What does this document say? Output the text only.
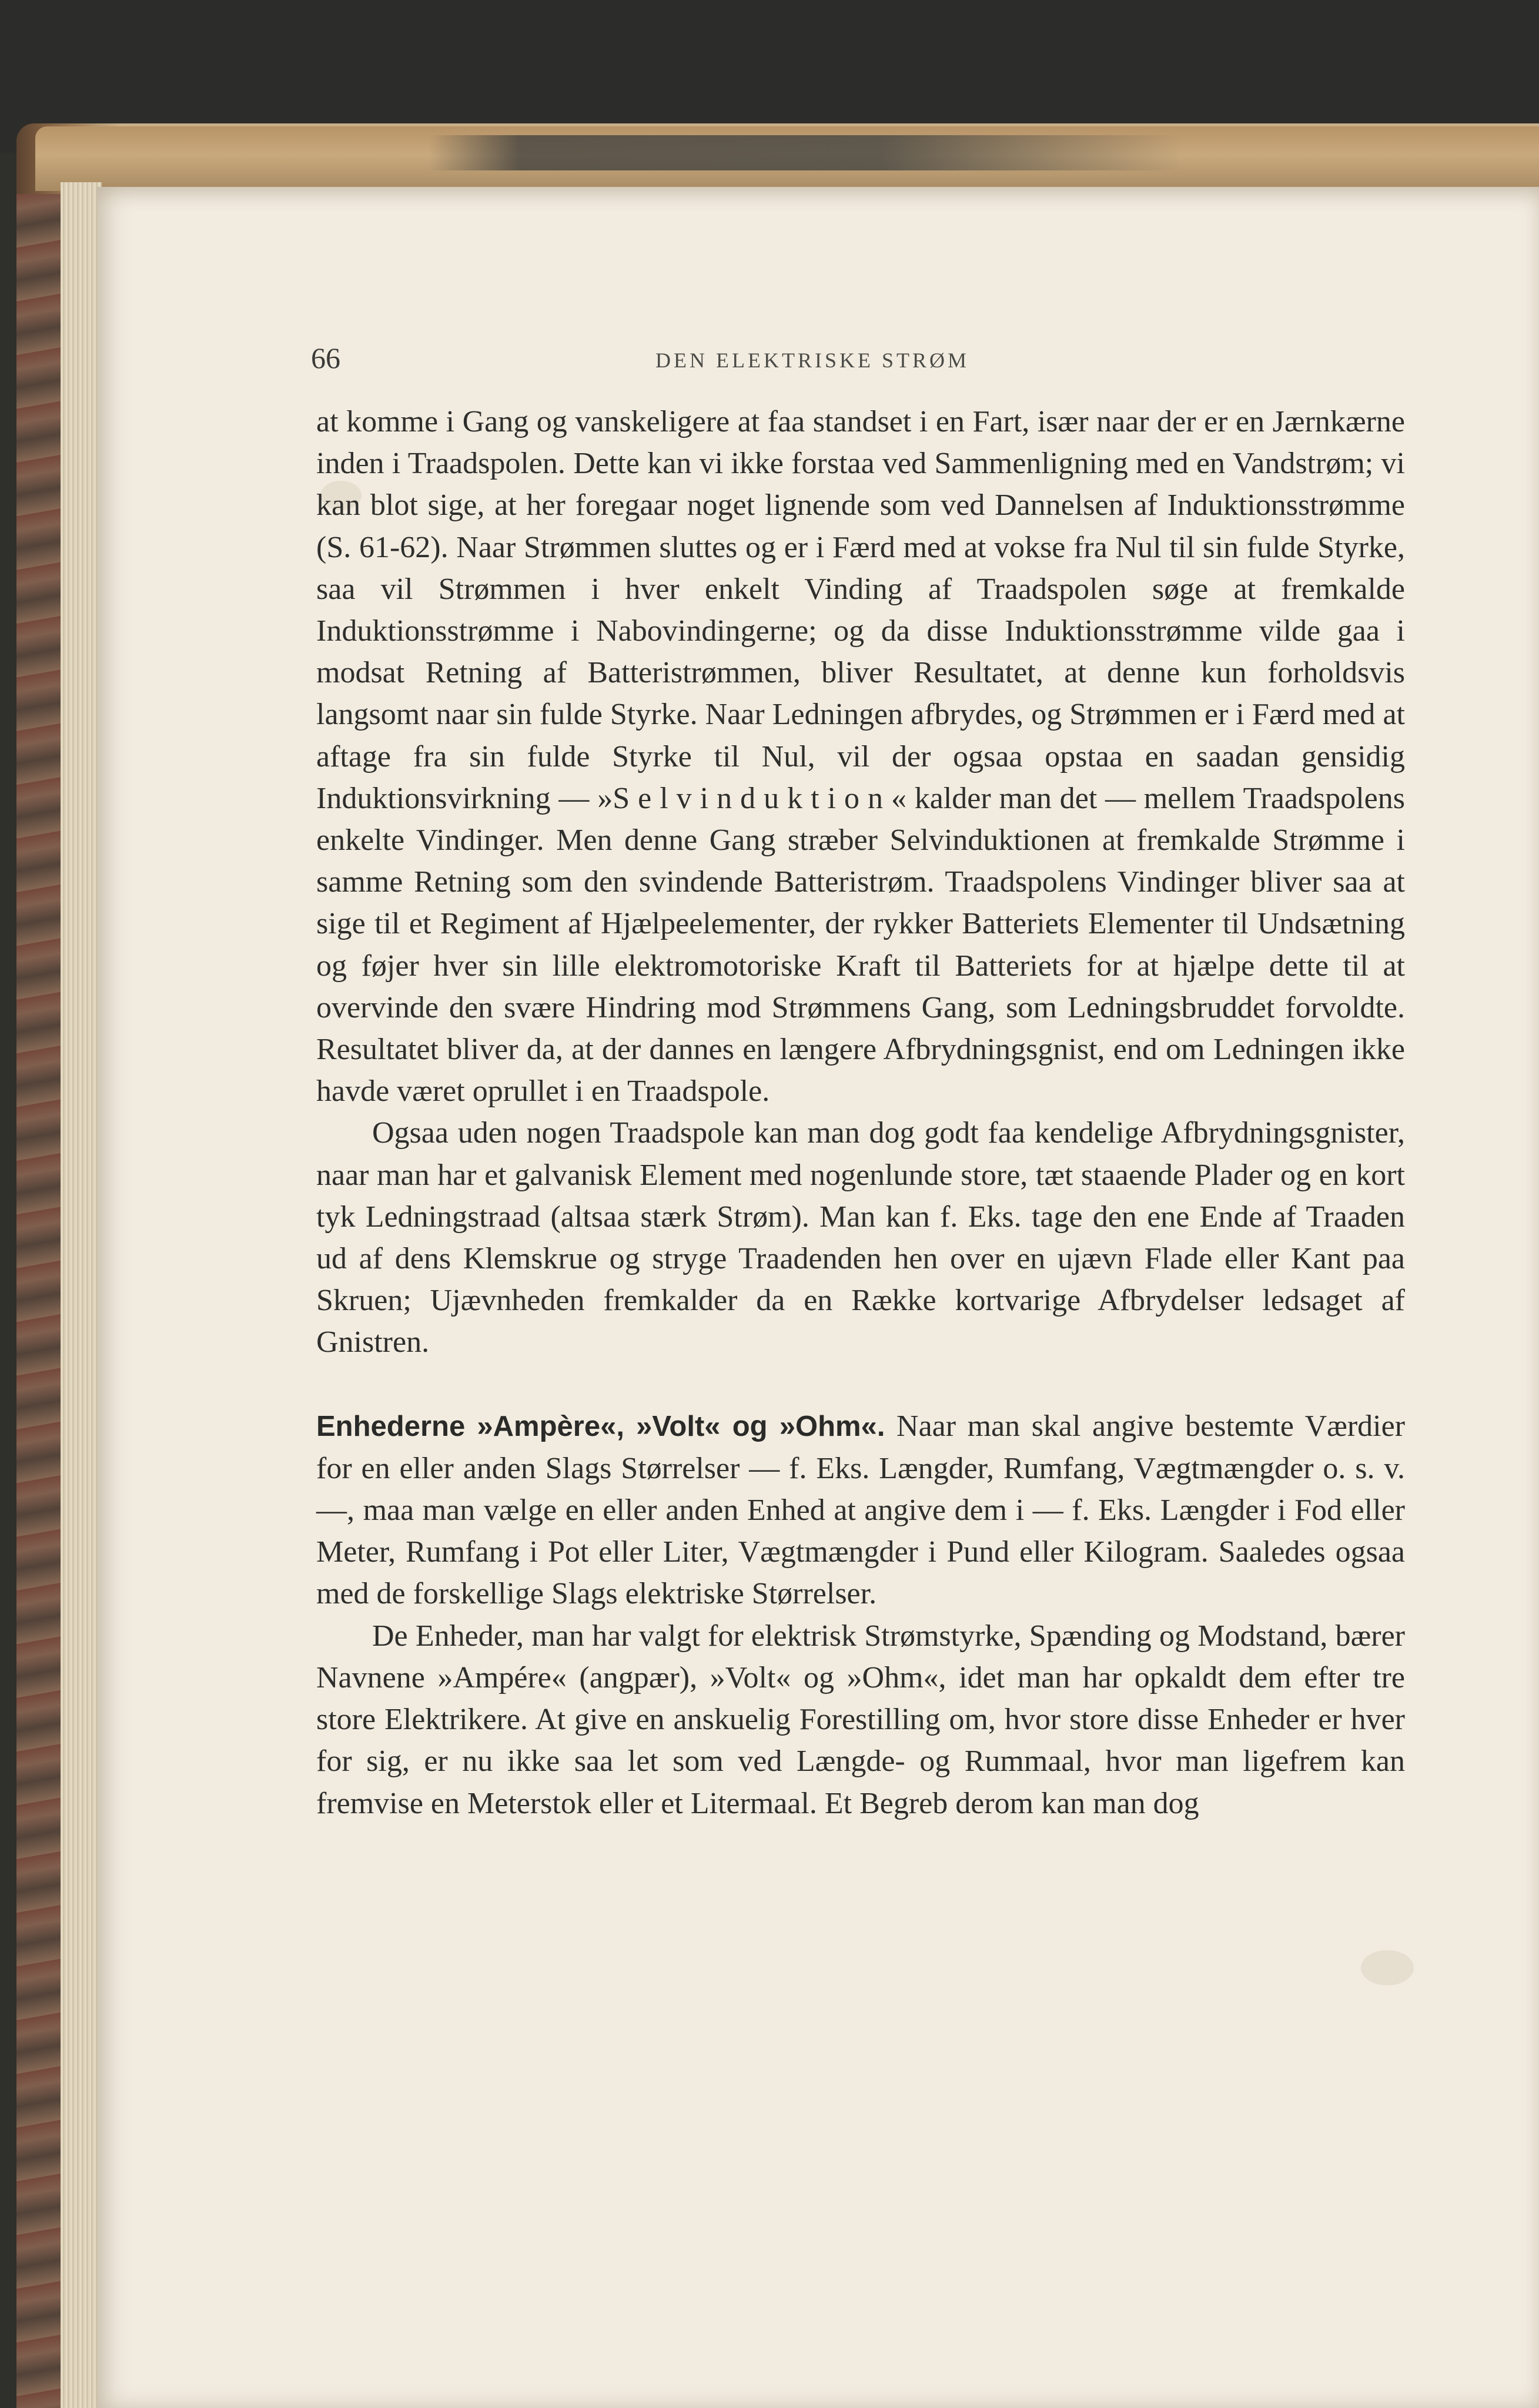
66	DEN ELEKTRISKE STRØM

at komme i Gang og vanskeligere at faa standset i en Fart, især naar der er en Jærnkærne inden i Traadspolen. Dette kan vi ikke forstaa ved Sammenligning med en Vandstrøm; vi kan blot sige, at her foregaar noget lignende som ved Dannelsen af Induktionsstrømme (S. 61-62). Naar Strømmen sluttes og er i Færd med at vokse fra Nul til sin fulde Styrke, saa vil Strømmen i hver enkelt Vinding af Traadspolen søge at fremkalde Induktionsstrømme i Nabovindingerne; og da disse Induktionsstrømme vilde gaa i modsat Retning af Batteristrømmen, bliver Resultatet, at denne kun forholdsvis langsomt naar sin fulde Styrke. Naar Ledningen afbrydes, og Strømmen er i Færd med at aftage fra sin fulde Styrke til Nul, vil der ogsaa opstaa en saadan gensidig Induktionsvirkning — »Selvinduktion« kalder man det — mellem Traadspolens enkelte Vindinger. Men denne Gang stræber Selvinduktionen at fremkalde Strømme i samme Retning som den svindende Batteristrøm. Traadspolens Vindinger bliver saa at sige til et Regiment af Hjælpeelementer, der rykker Batteriets Elementer til Undsætning og føjer hver sin lille elektromotoriske Kraft til Batteriets for at hjælpe dette til at overvinde den svære Hindring mod Strømmens Gang, som Ledningsbruddet forvoldte. Resultatet bliver da, at der dannes en længere Afbrydningsgnist, end om Ledningen ikke havde været oprullet i en Traadspole.

Ogsaa uden nogen Traadspole kan man dog godt faa kendelige Afbrydningsgnister, naar man har et galvanisk Element med nogenlunde store, tæt staaende Plader og en kort tyk Ledningstraad (altsaa stærk Strøm). Man kan f. Eks. tage den ene Ende af Traaden ud af dens Klemskrue og stryge Traadenden hen over en ujævn Flade eller Kant paa Skruen; Ujævnheden fremkalder da en Række kortvarige Afbrydelser ledsaget af Gnistren.

Enhederne »Ampère«, »Volt« og »Ohm«. Naar man skal angive bestemte Værdier for en eller anden Slags Størrelser — f. Eks. Længder, Rumfang, Vægtmængder o. s. v. —, maa man vælge en eller anden Enhed at angive dem i — f. Eks. Længder i Fod eller Meter, Rumfang i Pot eller Liter, Vægtmængder i Pund eller Kilogram. Saaledes ogsaa med de forskellige Slags elektriske Størrelser.

De Enheder, man har valgt for elektrisk Strømstyrke, Spænding og Modstand, bærer Navnene »Ampére« (angpær), »Volt« og »Ohm«, idet man har opkaldt dem efter tre store Elektrikere. At give en anskuelig Forestilling om, hvor store disse Enheder er hver for sig, er nu ikke saa let som ved Længde- og Rummaal, hvor man ligefrem kan fremvise en Meterstok eller et Litermaal. Et Begreb derom kan man dog
